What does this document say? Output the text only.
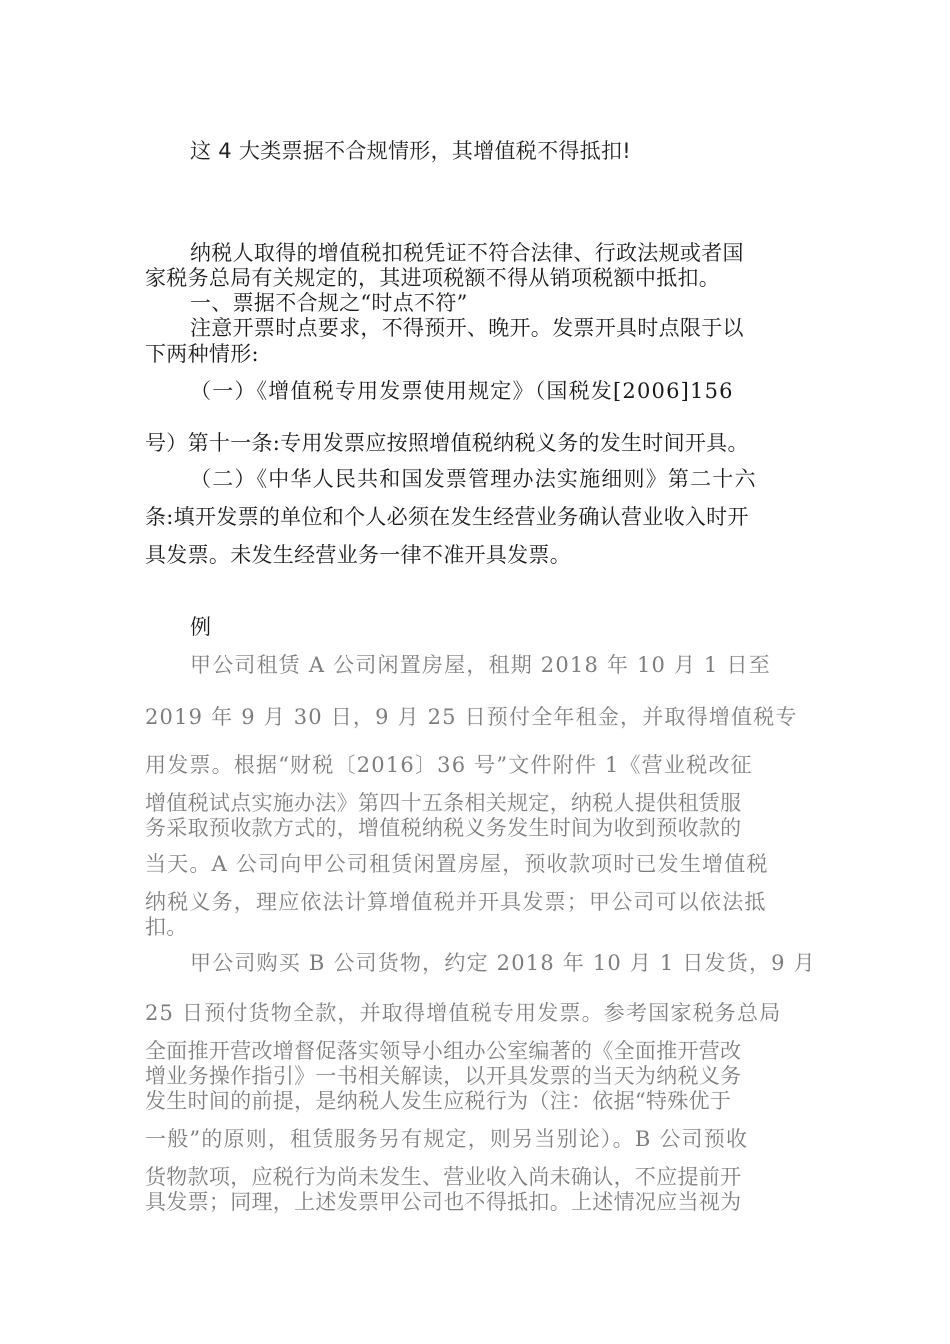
这 4 大类票据不合规情形，其增值税不得抵扣!

纳税人取得的增值税扣税凭证不符合法律、行政法规或者国

家税务总局有关规定的，其进项税额不得从销项税额中抵扣。

一、票据不合规之“时点不符”

注意开票时点要求，不得预开、晚开。发票开具时点限于以

下两种情形:

（一）《增值税专用发票使用规定》（国税发[2006]156

号）第十一条:专用发票应按照增值税纳税义务的发生时间开具。

（二）《中华人民共和国发票管理办法实施细则》第二十六

条:填开发票的单位和个人必须在发生经营业务确认营业收入时开

具发票。未发生经营业务一律不准开具发票。

例

甲公司租赁 A 公司闲置房屋，租期 2018 年 10 月 1 日至

2019 年 9 月 30 日，9 月 25 日预付全年租金，并取得增值税专

用发票。根据“财税〔2016〕36 号”文件附件 1《营业税改征

增值税试点实施办法》第四十五条相关规定，纳税人提供租赁服

务采取预收款方式的，增值税纳税义务发生时间为收到预收款的

当天。A 公司向甲公司租赁闲置房屋，预收款项时已发生增值税

纳税义务，理应依法计算增值税并开具发票；甲公司可以依法抵

扣。

甲公司购买 B 公司货物，约定 2018 年 10 月 1 日发货，9 月

25 日预付货物全款，并取得增值税专用发票。参考国家税务总局

全面推开营改增督促落实领导小组办公室编著的《全面推开营改

增业务操作指引》一书相关解读，以开具发票的当天为纳税义务

发生时间的前提，是纳税人发生应税行为（注：依据“特殊优于

一般”的原则，租赁服务另有规定，则另当别论）。B 公司预收

货物款项，应税行为尚未发生、营业收入尚未确认，不应提前开

具发票；同理，上述发票甲公司也不得抵扣。上述情况应当视为
